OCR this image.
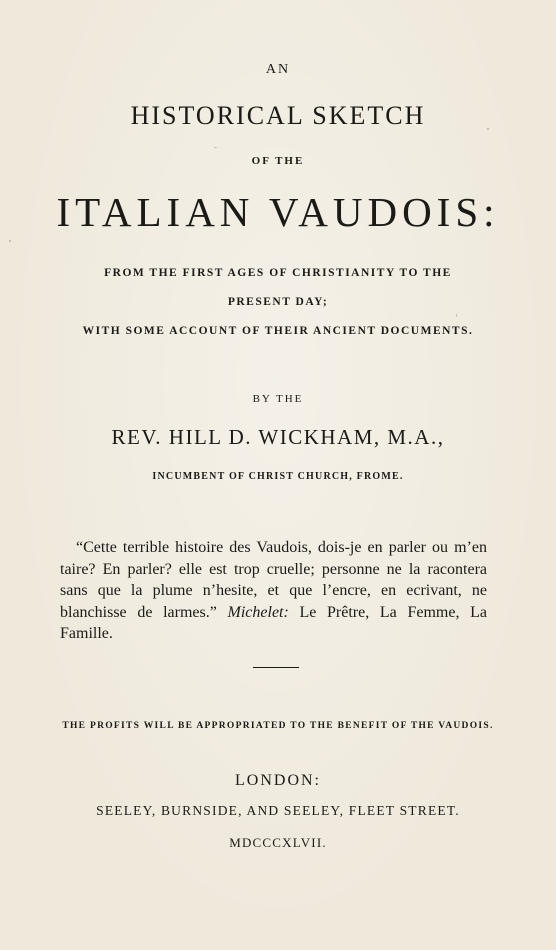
AN
HISTORICAL SKETCH
OF THE
ITALIAN VAUDOIS:
FROM THE FIRST AGES OF CHRISTIANITY TO THE
PRESENT DAY;
WITH SOME ACCOUNT OF THEIR ANCIENT DOCUMENTS.
BY THE
REV. HILL D. WICKHAM, M.A.,
INCUMBENT OF CHRIST CHURCH, FROME.
“Cette terrible histoire des Vaudois, dois-je en parler ou m’en taire? En parler? elle est trop cruelle; personne ne la racontera sans que la plume n’hesite, et que l’encre, en ecrivant, ne blanchisse de larmes.” Michelet: Le Prêtre, La Femme, La Famille.
THE PROFITS WILL BE APPROPRIATED TO THE BENEFIT OF THE VAUDOIS.
LONDON:
SEELEY, BURNSIDE, AND SEELEY, FLEET STREET.
MDCCCXLVII.
